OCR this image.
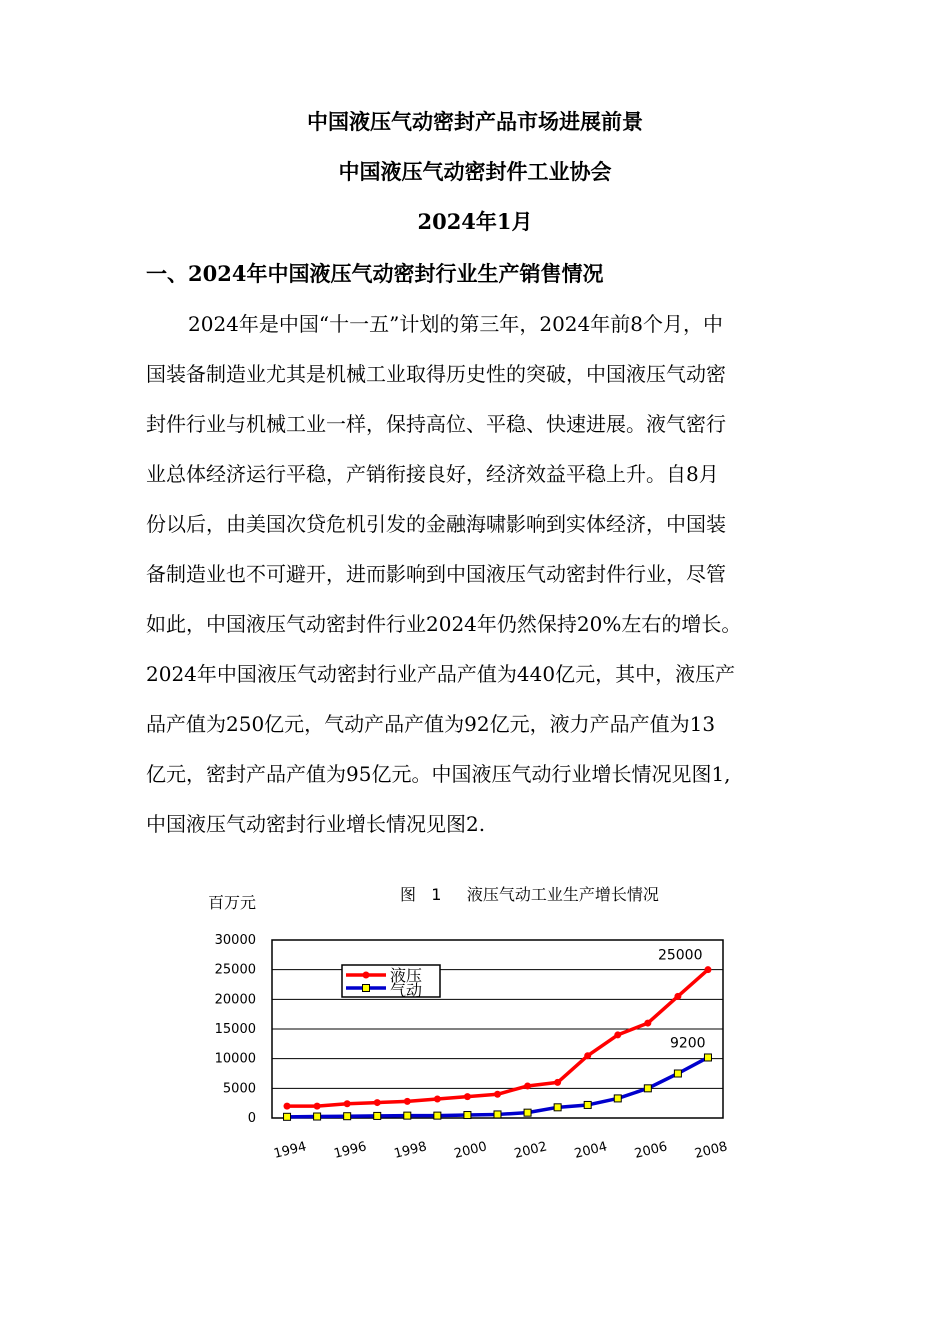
中国液压气动密封产品市场进展前景
中国液压气动密封件工业协会
2024年1月
一、2024年中国液压气动密封行业生产销售情况
2024年是中国“十一五”计划的第三年，2024年前8个月，中
国装备制造业尤其是机械工业取得历史性的突破，中国液压气动密
封件行业与机械工业一样，保持高位、平稳、快速进展。液气密行
业总体经济运行平稳，产销衔接良好，经济效益平稳上升。自8月
份以后，由美国次贷危机引发的金融海啸影响到实体经济，中国装
备制造业也不可避开，进而影响到中国液压气动密封件行业，尽管
如此，中国液压气动密封件行业2024年仍然保持20%左右的增长。
2024年中国液压气动密封行业产品产值为440亿元，其中，液压产
品产值为250亿元，气动产品产值为92亿元，液力产品产值为13
亿元，密封产品产值为95亿元。中国液压气动行业增长情况见图1,
中国液压气动密封行业增长情况见图2.
百万元	图   1     液压气动工业生产增长情况
0
5000
10000
15000
20000
25000
30000
1994 1996 1998 2000 2002 2004 2006 2008
25000
9200
液压
气动
